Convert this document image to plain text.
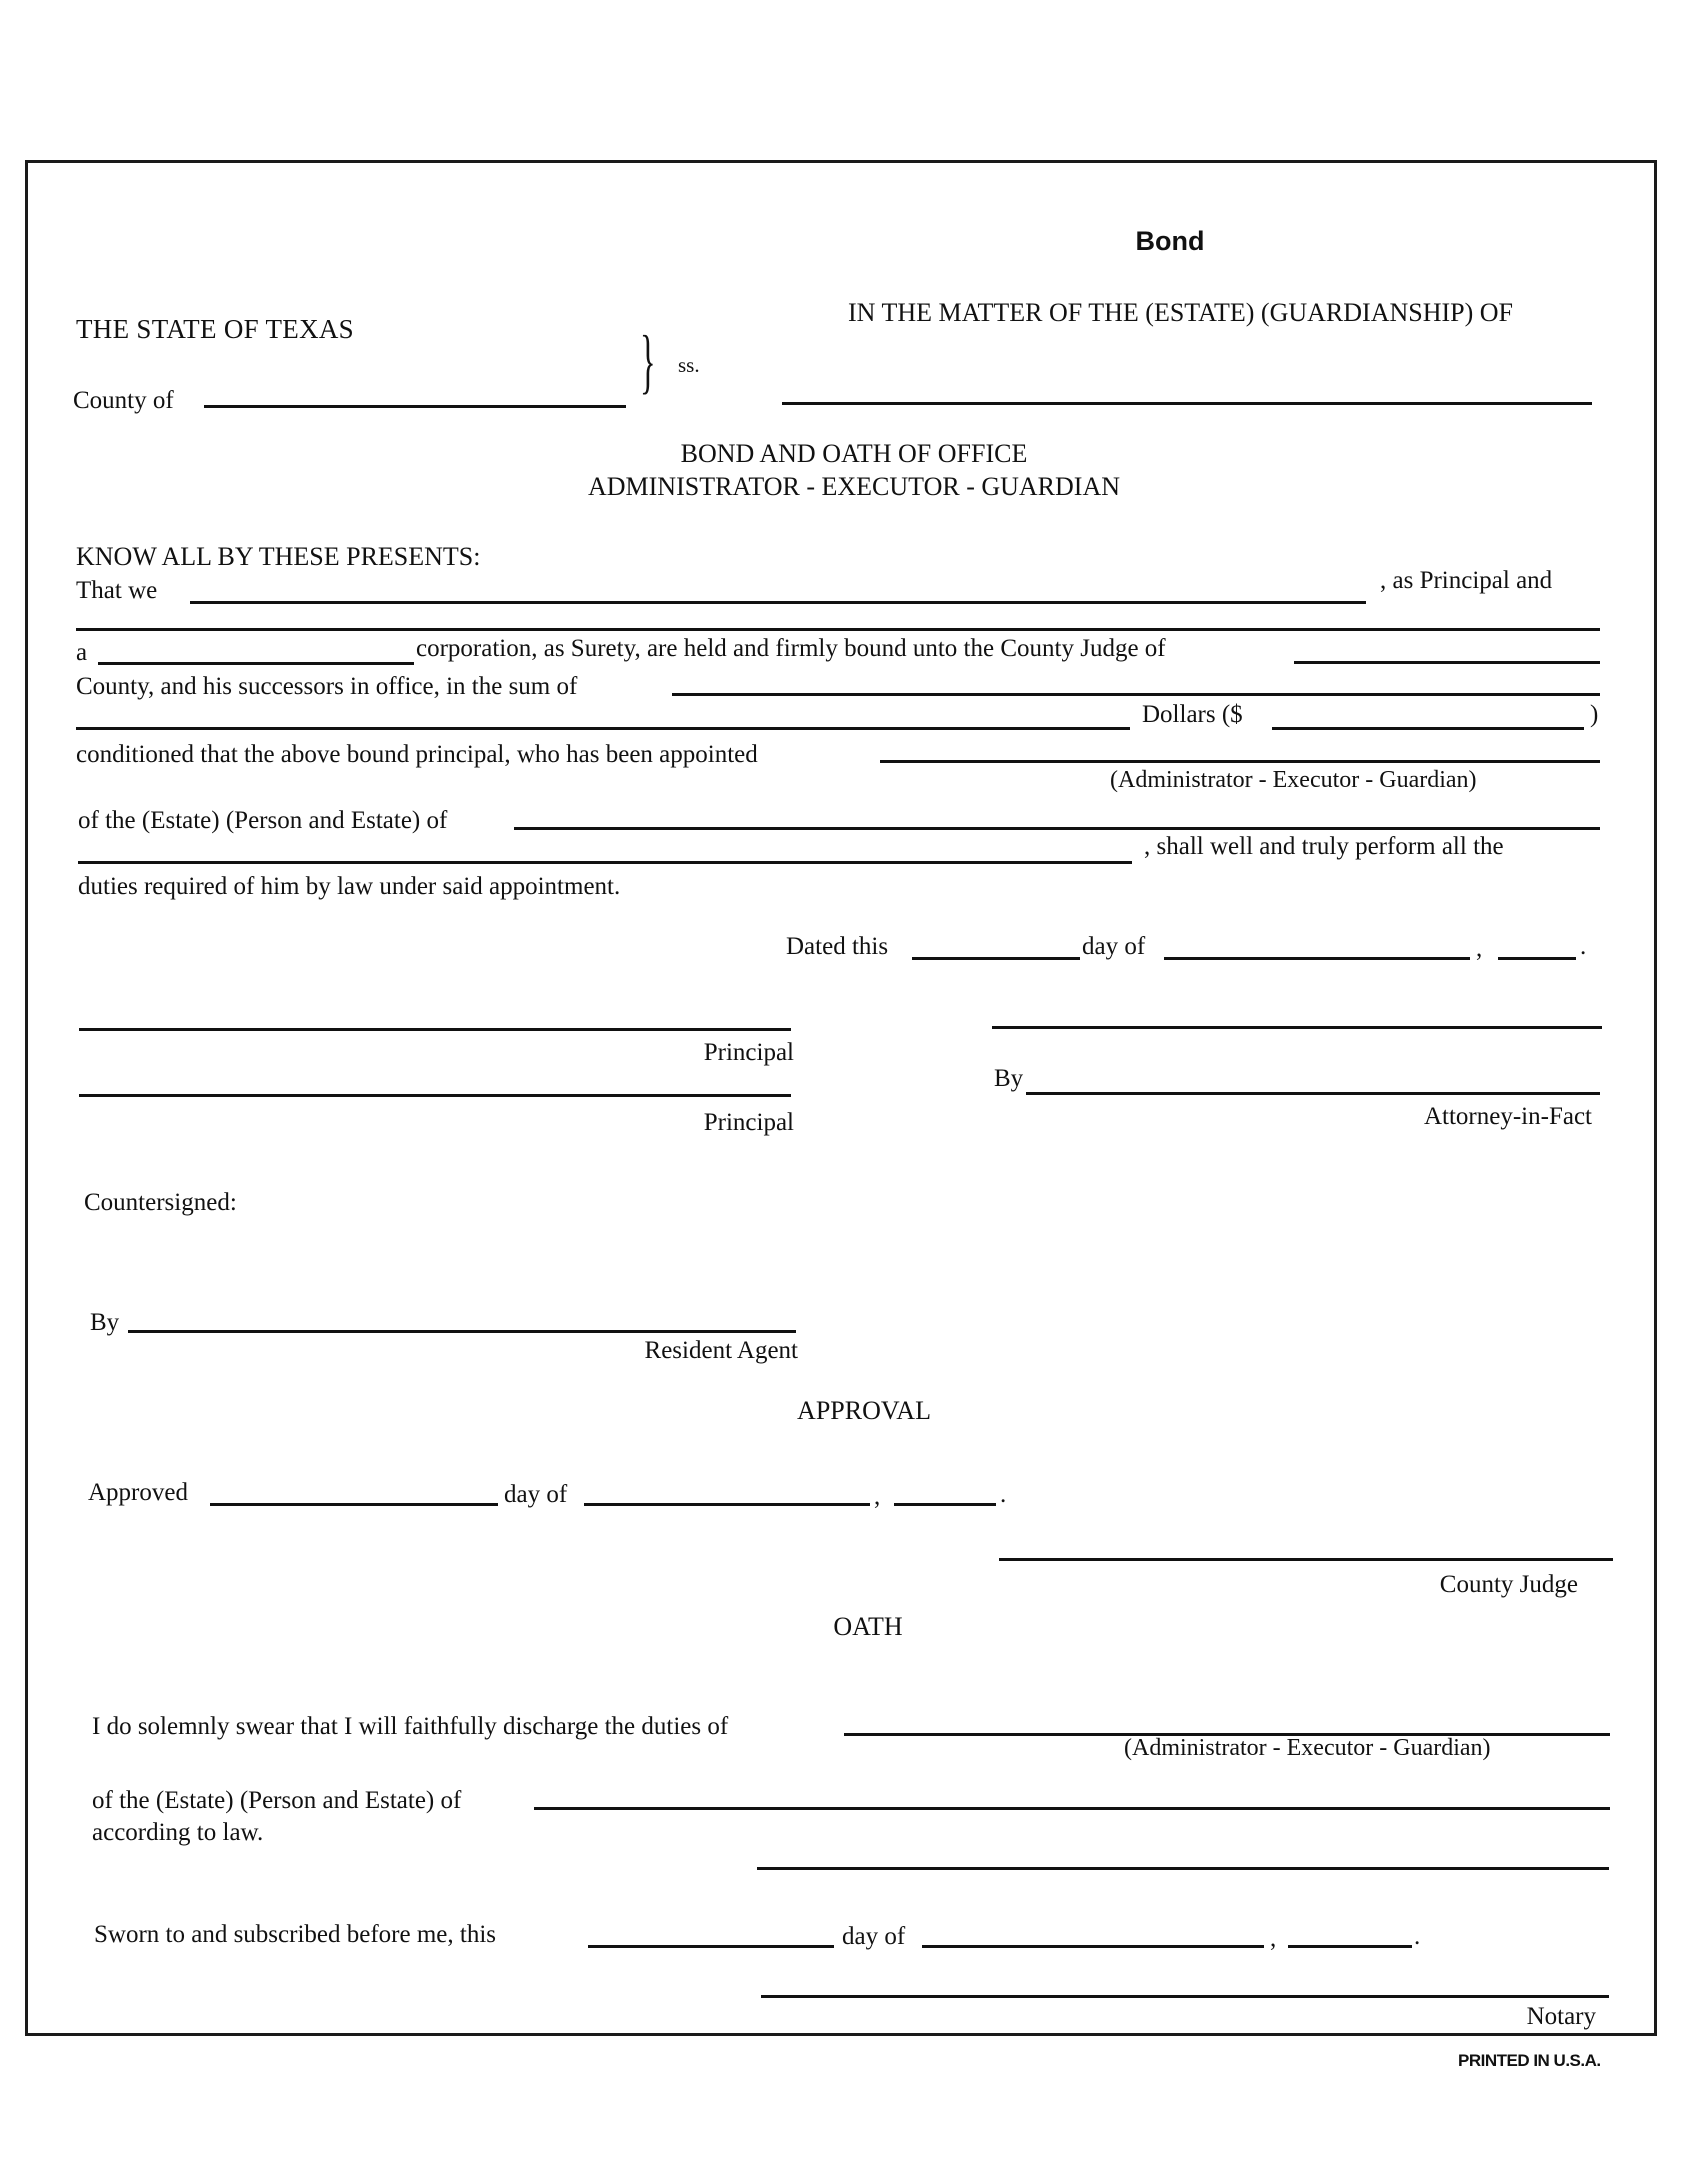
Bond
THE STATE OF TEXAS
IN THE MATTER OF THE (ESTATE) (GUARDIANSHIP) OF
County of	} ss.
BOND AND OATH OF OFFICE
ADMINISTRATOR - EXECUTOR - GUARDIAN
KNOW ALL BY THESE PRESENTS:
That we	, as Principal and
a	corporation, as Surety, are held and firmly bound unto the County Judge of
County, and his successors in office, in the sum of
Dollars ($	)
conditioned that the above bound principal, who has been appointed
(Administrator - Executor - Guardian)
of the (Estate) (Person and Estate) of
, shall well and truly perform all the
duties required of him by law under said appointment.
Dated this	day of	,	.
Principal
Principal
By
Attorney-in-Fact
Countersigned:
By
Resident Agent
APPROVAL
Approved	day of	,	.
County Judge
OATH
I do solemnly swear that I will faithfully discharge the duties of
(Administrator - Executor - Guardian)
of the (Estate) (Person and Estate) of
according to law.
Sworn to and subscribed before me, this	day of	,	.
Notary
PRINTED IN U.S.A.
